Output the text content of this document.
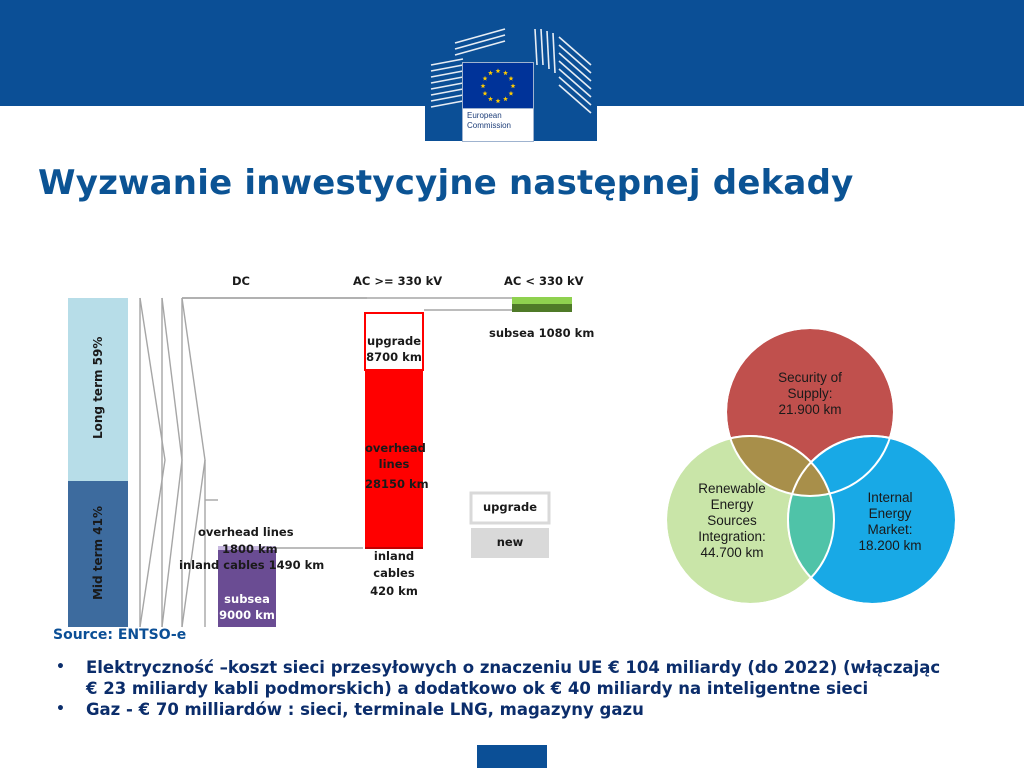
European
Commission
Wyzwanie inwestycyjne następnej dekady
DC	AC >= 330 kV	AC < 330 kV
Long term 59%
Mid term 41%	overhead lines
1800 km
inland cables 1490 km
subsea
9000 km
upgrade
8700 km
overhead
lines
28150 km
inland
cables
420 km
subsea 1080 km
upgrade
new
Security of
Supply:
21.900 km
Renewable
Energy
Sources
Integration:
44.700 km
Internal
Energy
Market:
18.200 km
Source: ENTSO-e
• Elektryczność –koszt sieci przesyłowych o znaczeniu UE € 104 miliardy (do 2022) (włączając € 23 miliardy kabli podmorskich) a dodatkowo ok € 40 miliardy na inteligentne sieci
• Gaz - € 70 milliardów : sieci, terminale LNG, magazyny gazu
